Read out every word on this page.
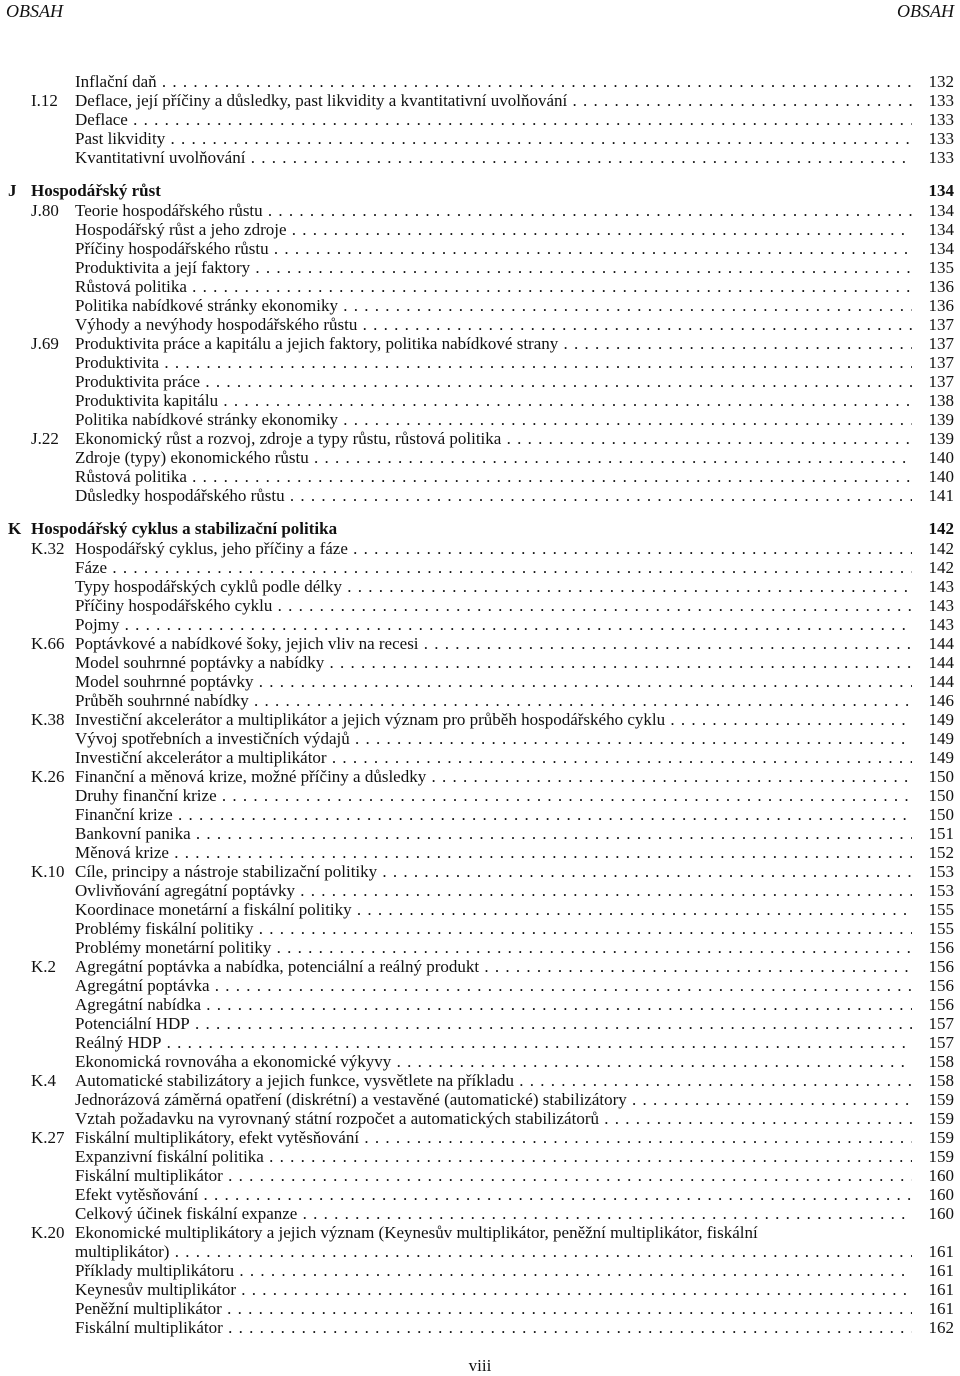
OBSAH	OBSAH
Inflační daň . . .	132
I.12 Deflace, její příčiny a důsledky, past likvidity a kvantitativní uvolňování . . .	133
Deflace . . .	133
Past likvidity . . .	133
Kvantitativní uvolňování . . .	133
J Hospodářský růst	134
J.80 Teorie hospodářského růstu . . .	134
Hospodářský růst a jeho zdroje . . .	134
Příčiny hospodářského růstu . . .	134
Produktivita a její faktory . . .	135
Růstová politika . . .	136
Politika nabídkové stránky ekonomiky . . .	136
Výhody a nevýhody hospodářského růstu . . .	137
J.69 Produktivita práce a kapitálu a jejich faktory, politika nabídkové strany . . .	137
Produktivita . . .	137
Produktivita práce . . .	137
Produktivita kapitálu . . .	138
Politika nabídkové stránky ekonomiky . . .	139
J.22 Ekonomický růst a rozvoj, zdroje a typy růstu, růstová politika . . .	139
Zdroje (typy) ekonomického růstu . . .	140
Růstová politika . . .	140
Důsledky hospodářského růstu . . .	141
K Hospodářský cyklus a stabilizační politika	142
K.32 Hospodářský cyklus, jeho příčiny a fáze . . .	142
Fáze . . .	142
Typy hospodářských cyklů podle délky . . .	143
Příčiny hospodářského cyklu . . .	143
Pojmy . . .	143
K.66 Poptávkové a nabídkové šoky, jejich vliv na recesi . . .	144
Model souhrnné poptávky a nabídky . . .	144
Model souhrnné poptávky . . .	144
Průběh souhrnné nabídky . . .	146
K.38 Investiční akcelerátor a multiplikátor a jejich význam pro průběh hospodářského cyklu . . .	149
Vývoj spotřebních a investičních výdajů . . .	149
Investiční akcelerátor a multiplikátor . . .	149
K.26 Finanční a měnová krize, možné příčiny a důsledky . . .	150
Druhy finanční krize . . .	150
Finanční krize . . .	150
Bankovní panika . . .	151
Měnová krize . . .	152
K.10 Cíle, principy a nástroje stabilizační politiky . . .	153
Ovlivňování agregátní poptávky . . .	153
Koordinace monetární a fiskální politiky . . .	155
Problémy fiskální politiky . . .	155
Problémy monetární politiky . . .	156
K.2 Agregátní poptávka a nabídka, potenciální a reálný produkt . . .	156
Agregátní poptávka . . .	156
Agregátní nabídka . . .	156
Potenciální HDP . . .	157
Reálný HDP . . .	157
Ekonomická rovnováha a ekonomické výkyvy . . .	158
K.4 Automatické stabilizátory a jejich funkce, vysvětlete na příkladu . . .	158
Jednorázová záměrná opatření (diskrétní) a vestavěné (automatické) stabilizátory . . .	159
Vztah požadavku na vyrovnaný státní rozpočet a automatických stabilizátorů . . .	159
K.27 Fiskální multiplikátory, efekt vytěsňování . . .	159
Expanzivní fiskální politika . . .	159
Fiskální multiplikátor . . .	160
Efekt vytěsňování . . .	160
Celkový účinek fiskální expanze . . .	160
K.20 Ekonomické multiplikátory a jejich význam (Keynesův multiplikátor, peněžní multiplikátor, fiskální
multiplikátor) . . .	161
Příklady multiplikátoru . . .	161
Keynesův multiplikátor . . .	161
Peněžní multiplikátor . . .	161
Fiskální multiplikátor . . .	162
viii
